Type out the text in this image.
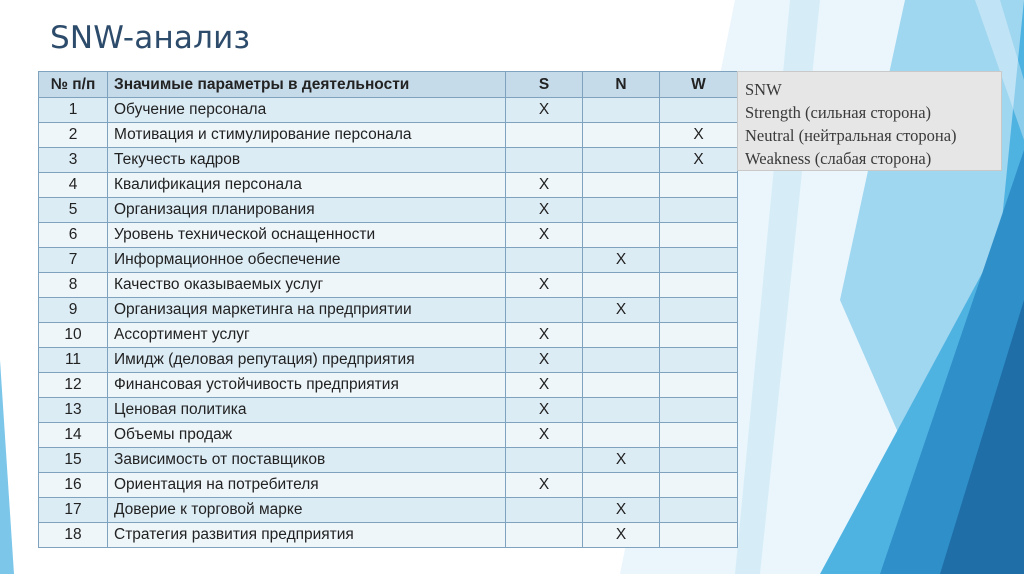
SNW-анализ
№ п/п	Значимые параметры в деятельности	S	N	W
1	Обучение персонала	X		
2	Мотивация и стимулирование персонала			X
3	Текучесть кадров			X
4	Квалификация персонала	X		
5	Организация планирования	X		
6	Уровень технической оснащенности	X		
7	Информационное обеспечение		X	
8	Качество оказываемых услуг	X		
9	Организация маркетинга на предприятии		X	
10	Ассортимент услуг	X		
11	Имидж (деловая репутация) предприятия	X		
12	Финансовая устойчивость предприятия	X		
13	Ценовая политика	X		
14	Объемы продаж	X		
15	Зависимость от поставщиков		X	
16	Ориентация на потребителя	X		
17	Доверие к торговой марке		X	
18	Стратегия развития предприятия		X	
SNW
Strength (сильная сторона)
Neutral (нейтральная сторона)
Weakness (слабая сторона)
